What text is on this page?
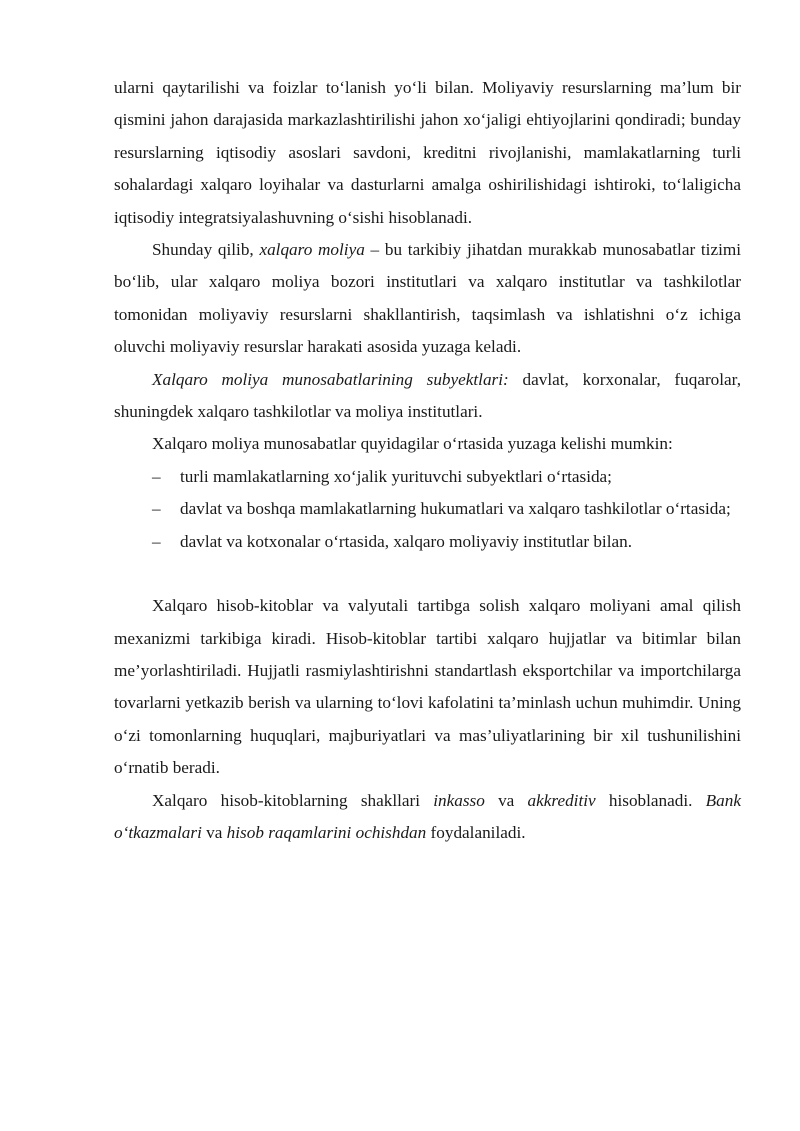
ularni qaytarilishi va foizlar to‘lanish yo‘li bilan. Moliyaviy resurslarning ma’lum bir qismini jahon darajasida markazlashtirilishi jahon xo‘jaligi ehtiyojlarini qondiradi; bunday resurslarning iqtisodiy asoslari savdoni, kreditni rivojlanishi, mamlakatlarning turli sohalardagi xalqaro loyihalar va dasturlarni amalga oshirilishidagi ishtiroki, to‘laligicha iqtisodiy integratsiyalashuvning o‘sishi hisoblanadi.

Shunday qilib, xalqaro moliya – bu tarkibiy jihatdan murakkab munosabatlar tizimi bo‘lib, ular xalqaro moliya bozori institutlari va xalqaro institutlar va tashkilotlar tomonidan moliyaviy resurslarni shakllantirish, taqsimlash va ishlatishni o‘z ichiga oluvchi moliyaviy resurslar harakati asosida yuzaga keladi.

Xalqaro moliya munosabatlarining subyektlari: davlat, korxonalar, fuqarolar, shuningdek xalqaro tashkilotlar va moliya institutlari.

Xalqaro moliya munosabatlar quyidagilar o‘rtasida yuzaga kelishi mumkin:

– turli mamlakatlarning xo‘jalik yurituvchi subyektlari o‘rtasida;
– davlat va boshqa mamlakatlarning hukumatlari va xalqaro tashkilotlar o‘rtasida;
– davlat va kotxonalar o‘rtasida, xalqaro moliyaviy institutlar bilan.

Xalqaro hisob-kitoblar va valyutali tartibga solish xalqaro moliyani amal qilish mexanizmi tarkibiga kiradi. Hisob-kitoblar tartibi xalqaro hujjatlar va bitimlar bilan me’yorlashtiriladi. Hujjatli rasmiylashtirishni standartlash eksportchilar va importchilarga tovarlarni yetkazib berish va ularning to‘lovi kafolatini ta’minlash uchun muhimdir. Uning o‘zi tomonlarning huquqlari, majburiyatlari va mas’uliyatlarining bir xil tushunilishini o‘rnatib beradi.

Xalqaro hisob-kitoblarning shakllari inkasso va akkreditiv hisoblanadi. Bank o‘tkazmalari va hisob raqamlarini ochishdan foydalaniladi.
